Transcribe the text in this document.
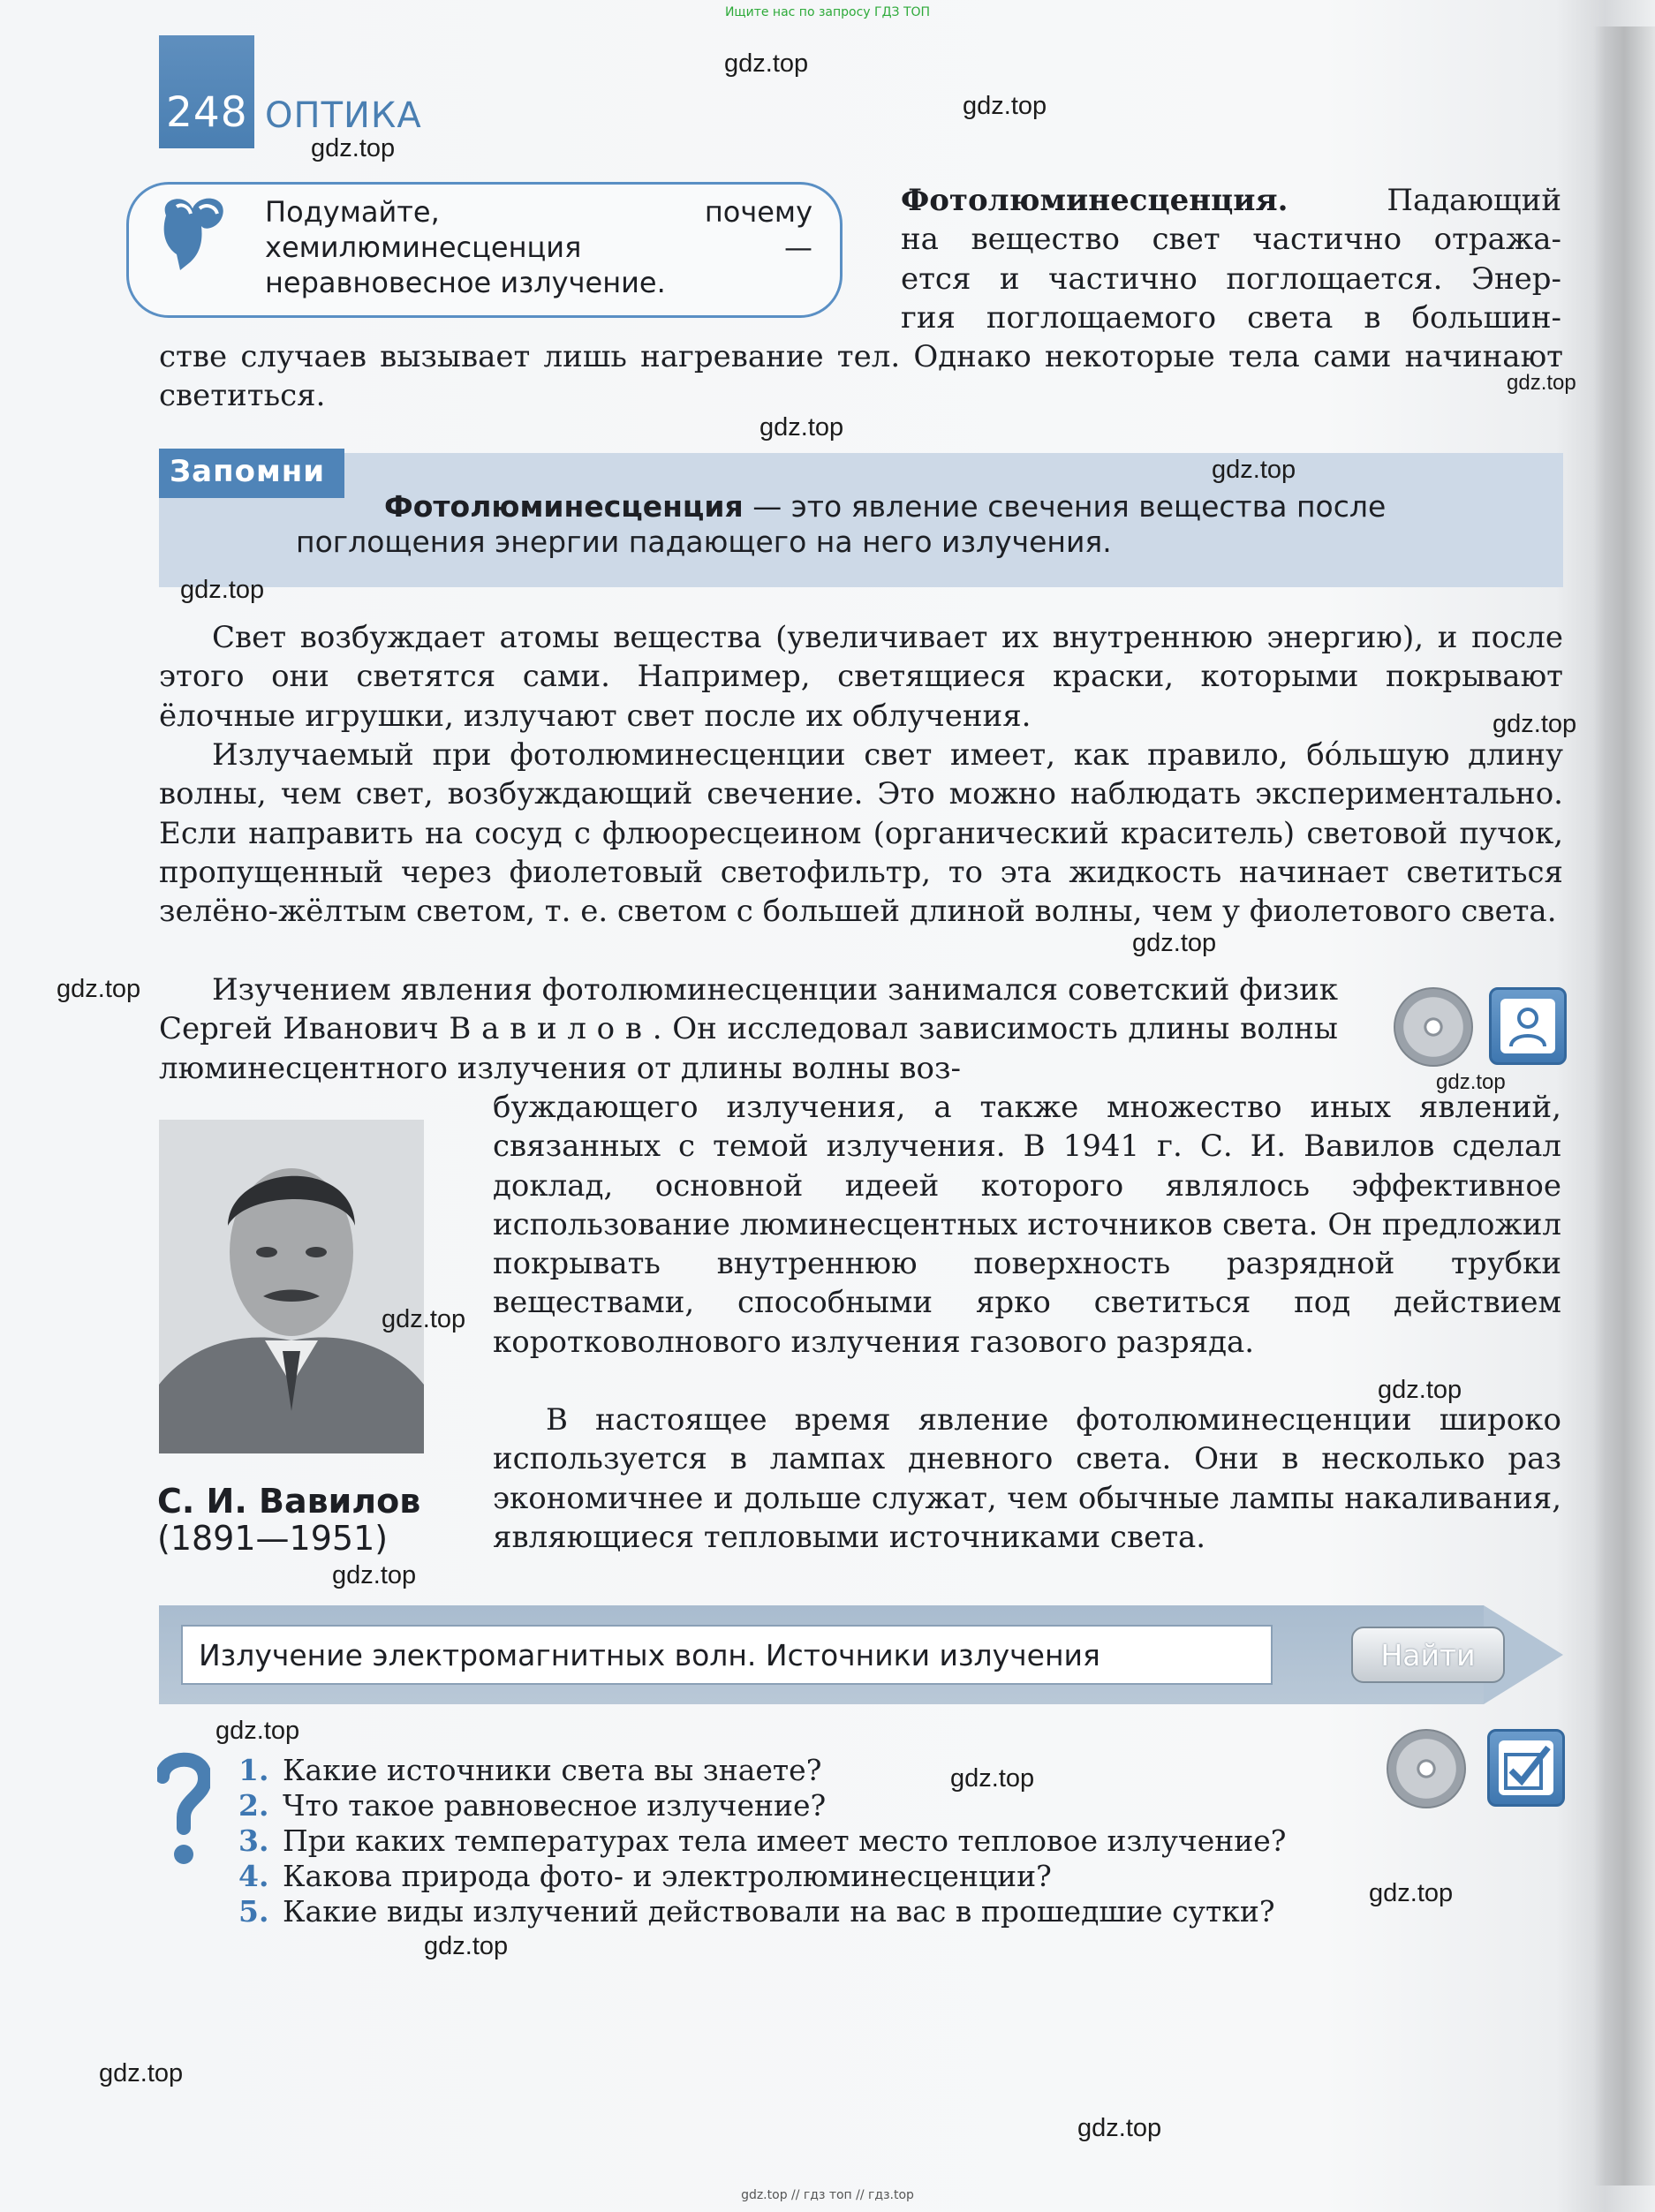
Ищите нас по запросу ГДЗ ТОП
248 ОПТИКА
Подумайте, почему хемилюминесценция — неравновесное излучение.
Фотолюминесценция.	Падающий
на вещество свет частично отража-
ется и частично поглощается. Энер-
гия поглощаемого света в большин-
стве случаев вызывает лишь нагревание тел. Однако некоторые тела сами начинают светиться.
Запомни
Фотолюминесценция — это явление свечения вещества после поглощения энергии падающего на него излучения.
Свет возбуждает атомы вещества (увеличивает их внутреннюю энергию), и после этого они светятся сами. Например, светящиеся краски, которыми покрывают ёлочные игрушки, излучают свет после их облучения.
Излучаемый при фотолюминесценции свет имеет, как правило, бо́льшую длину волны, чем свет, возбуждающий свечение. Это можно наблюдать экспериментально. Если направить на сосуд с флюоресцеином (органический краситель) световой пучок, пропущенный через фиолетовый светофильтр, то эта жидкость начинает светиться зелёно-жёлтым светом, т. е. светом с большей длиной волны, чем у фиолетового света.
Изучением явления фотолюминесценции занимался советский физик Сергей Иванович В а в и л о в . Он исследовал зависимость длины волны люминесцентного излучения от длины волны воз-
буждающего излучения, а также множество иных явлений, связанных с темой излучения. В 1941 г. С. И. Вавилов сделал доклад, основной идеей которого являлось эффективное использование люминесцентных источников света. Он предложил покрывать внутреннюю поверхность разрядной трубки веществами, способными ярко светиться под действием коротковолнового излучения газового разряда.
В настоящее время явление фотолюминесценции широко используется в лампах дневного света. Они в несколько раз экономичнее и дольше служат, чем обычные лампы накаливания, являющиеся тепловыми источниками света.
С. И. Вавилов
(1891—1951)
Излучение электромагнитных волн. Источники излучения
Найти
1. Какие источники света вы знаете?
2. Что такое равновесное излучение?
3. При каких температурах тела имеет место тепловое излучение?
4. Какова природа фото- и электролюминесценции?
5. Какие виды излучений действовали на вас в прошедшие сутки?
gdz.top
gdz.top
gdz.top
gdz.top
gdz.top
gdz.top
gdz.top
gdz.top
gdz.top
gdz.top
gdz.top
gdz.top
gdz.top
gdz.top
gdz.top
gdz.top
gdz.top
gdz.top
gdz.top
gdz.top
gdz.top // гдз топ // гдз.top
